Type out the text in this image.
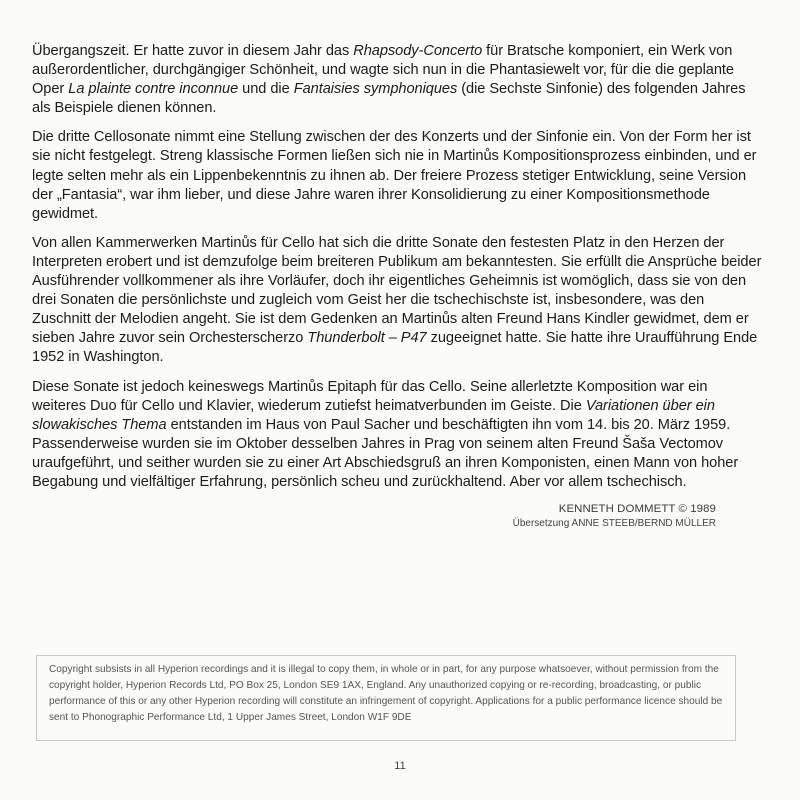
Übergangszeit. Er hatte zuvor in diesem Jahr das Rhapsody-Concerto für Bratsche komponiert, ein Werk von außerordentlicher, durchgängiger Schönheit, und wagte sich nun in die Phantasiewelt vor, für die die geplante Oper La plainte contre inconnue und die Fantaisies symphoniques (die Sechste Sinfonie) des folgenden Jahres als Beispiele dienen können.

Die dritte Cellosonate nimmt eine Stellung zwischen der des Konzerts und der Sinfonie ein. Von der Form her ist sie nicht festgelegt. Streng klassische Formen ließen sich nie in Martinůs Kompositionsprozess einbinden, und er legte selten mehr als ein Lippenbekenntnis zu ihnen ab. Der freiere Prozess stetiger Entwicklung, seine Version der „Fantasia“, war ihm lieber, und diese Jahre waren ihrer Konsolidierung zu einer Kompositionsmethode gewidmet.

Von allen Kammerwerken Martinůs für Cello hat sich die dritte Sonate den festesten Platz in den Herzen der Interpreten erobert und ist demzufolge beim breiteren Publikum am bekanntesten. Sie erfüllt die Ansprüche beider Ausführender vollkommener als ihre Vorläufer, doch ihr eigentliches Geheimnis ist womöglich, dass sie von den drei Sonaten die persönlichste und zugleich vom Geist her die tschechischste ist, insbesondere, was den Zuschnitt der Melodien angeht. Sie ist dem Gedenken an Martinůs alten Freund Hans Kindler gewidmet, dem er sieben Jahre zuvor sein Orchesterscherzo Thunderbolt – P47 zugeeignet hatte. Sie hatte ihre Uraufführung Ende 1952 in Washington.

Diese Sonate ist jedoch keineswegs Martinůs Epitaph für das Cello. Seine allerletzte Komposition war ein weiteres Duo für Cello und Klavier, wiederum zutiefst heimatverbunden im Geiste. Die Variationen über ein slowakisches Thema entstanden im Haus von Paul Sacher und beschäftigten ihn vom 14. bis 20. März 1959. Passenderweise wurden sie im Oktober desselben Jahres in Prag von seinem alten Freund Šaša Vectomov uraufgeführt, und seither wurden sie zu einer Art Abschiedsgruß an ihren Komponisten, einen Mann von hoher Begabung und vielfältiger Erfahrung, persönlich scheu und zurückhaltend. Aber vor allem tschechisch.

KENNETH DOMMETT © 1989
Übersetzung ANNE STEEB/BERND MÜLLER

Copyright subsists in all Hyperion recordings and it is illegal to copy them, in whole or in part, for any purpose whatsoever, without permission from the copyright holder, Hyperion Records Ltd, PO Box 25, London SE9 1AX, England. Any unauthorized copying or re-recording, broadcasting, or public performance of this or any other Hyperion recording will constitute an infringement of copyright. Applications for a public performance licence should be sent to Phonographic Performance Ltd, 1 Upper James Street, London W1F 9DE

11
